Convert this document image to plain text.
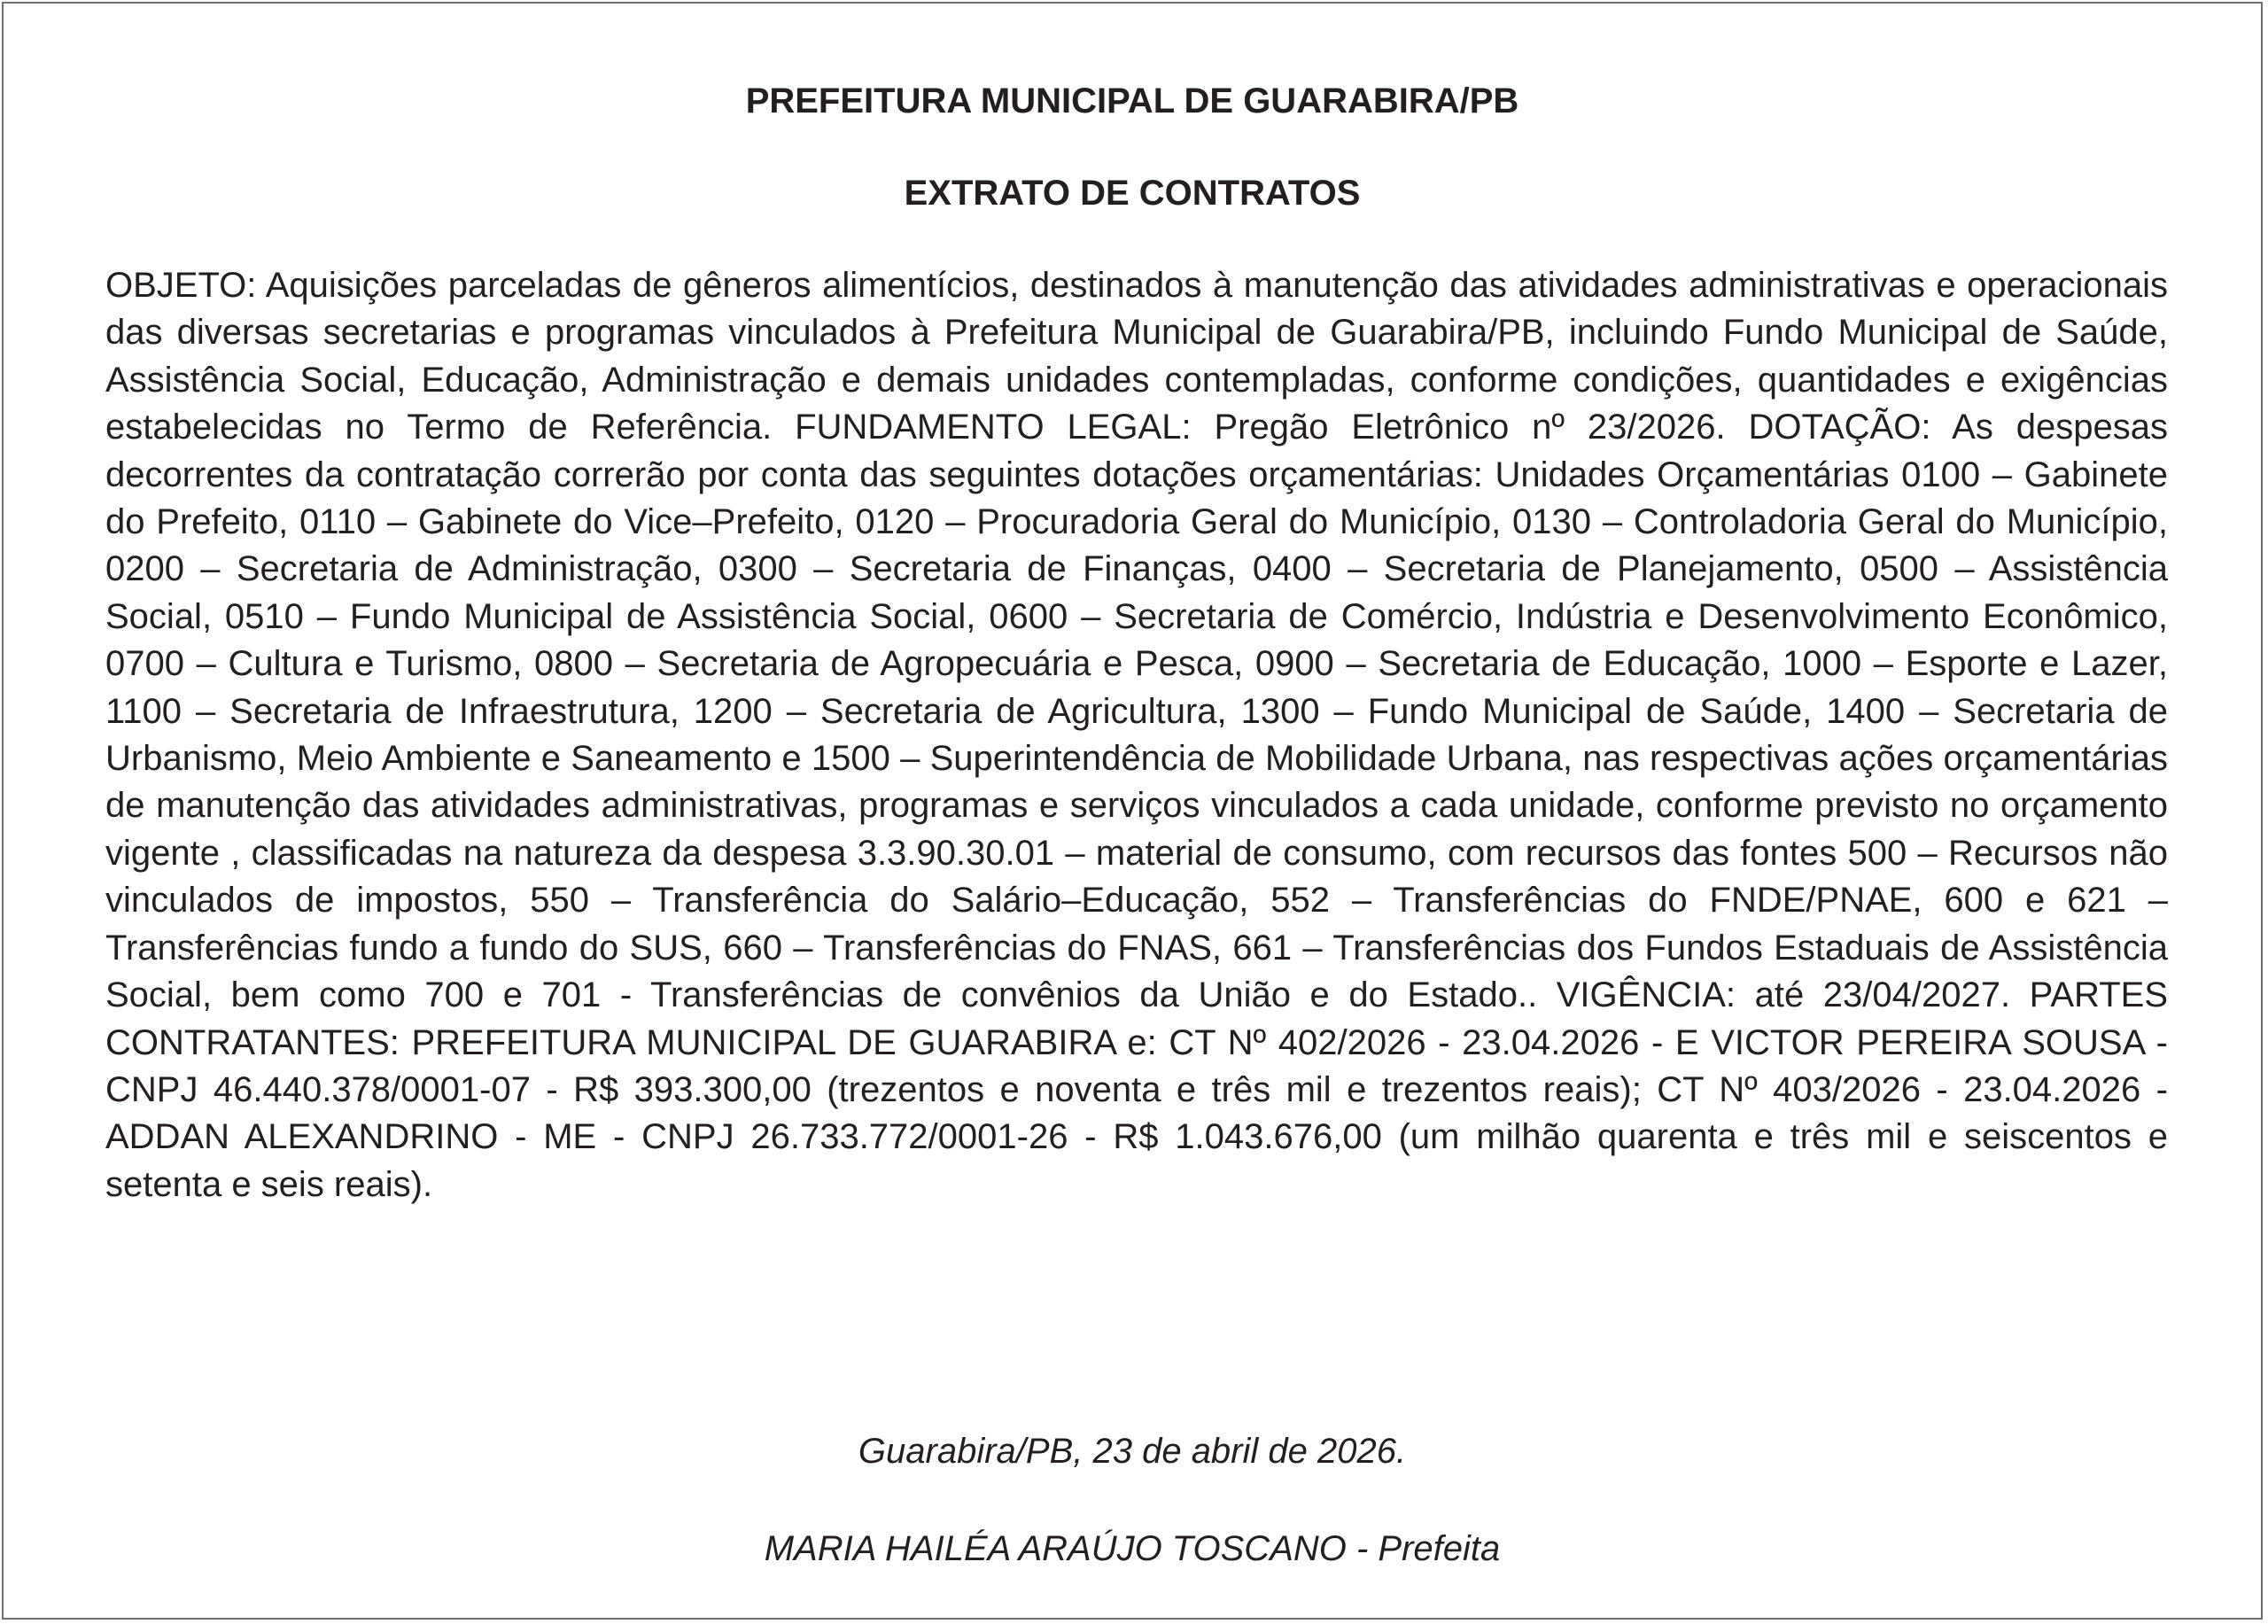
PREFEITURA MUNICIPAL DE GUARABIRA/PB
EXTRATO DE CONTRATOS

OBJETO: Aquisições parceladas de gêneros alimentícios, destinados à manutenção das atividades administrativas e operacionais das diversas secretarias e programas vinculados à Prefeitura Municipal de Guarabira/PB, incluindo Fundo Municipal de Saúde, Assistência Social, Educação, Administração e demais unidades contempladas, conforme condições, quantidades e exigências estabelecidas no Termo de Referência. FUNDAMENTO LEGAL: Pregão Eletrônico nº 23/2026. DOTAÇÃO: As despesas decorrentes da contratação correrão por conta das seguintes dotações orçamentárias: Unidades Orçamentárias 0100 – Gabinete do Prefeito, 0110 – Gabinete do Vice–Prefeito, 0120 – Procuradoria Geral do Município, 0130 – Controladoria Geral do Município, 0200 – Secretaria de Administração, 0300 – Secretaria de Finanças, 0400 – Secretaria de Planejamento, 0500 – Assistência Social, 0510 – Fundo Municipal de Assistência Social, 0600 – Secretaria de Comércio, Indústria e Desenvolvimento Econômico, 0700 – Cultura e Turismo, 0800 – Secretaria de Agropecuária e Pesca, 0900 – Secretaria de Educação, 1000 – Esporte e Lazer, 1100 – Secretaria de Infraestrutura, 1200 – Secretaria de Agricultura, 1300 – Fundo Municipal de Saúde, 1400 – Secretaria de Urbanismo, Meio Ambiente e Saneamento e 1500 – Superintendência de Mobilidade Urbana, nas respectivas ações orçamentárias de manutenção das atividades administrativas, programas e serviços vinculados a cada unidade, conforme previsto no orçamento vigente , classificadas na natureza da despesa 3.3.90.30.01 – material de consumo, com recursos das fontes 500 – Recursos não vinculados de impostos, 550 – Transferência do Salário–Educação, 552 – Transferências do FNDE/PNAE, 600 e 621 – Transferências fundo a fundo do SUS, 660 – Transferências do FNAS, 661 – Transferências dos Fundos Estaduais de Assistência Social, bem como 700 e 701 - Transferências de convênios da União e do Estado.. VIGÊNCIA: até 23/04/2027. PARTES CONTRATANTES: PREFEITURA MUNICIPAL DE GUARABIRA e: CT Nº 402/2026 - 23.04.2026 - E VICTOR PEREIRA SOUSA - CNPJ 46.440.378/0001-07 - R$ 393.300,00 (trezentos e noventa e três mil e trezentos reais); CT Nº 403/2026 - 23.04.2026 - ADDAN ALEXANDRINO - ME - CNPJ 26.733.772/0001-26 - R$ 1.043.676,00 (um milhão quarenta e três mil e seiscentos e setenta e seis reais).

Guarabira/PB, 23 de abril de 2026.

MARIA HAILÉA ARAÚJO TOSCANO - Prefeita
